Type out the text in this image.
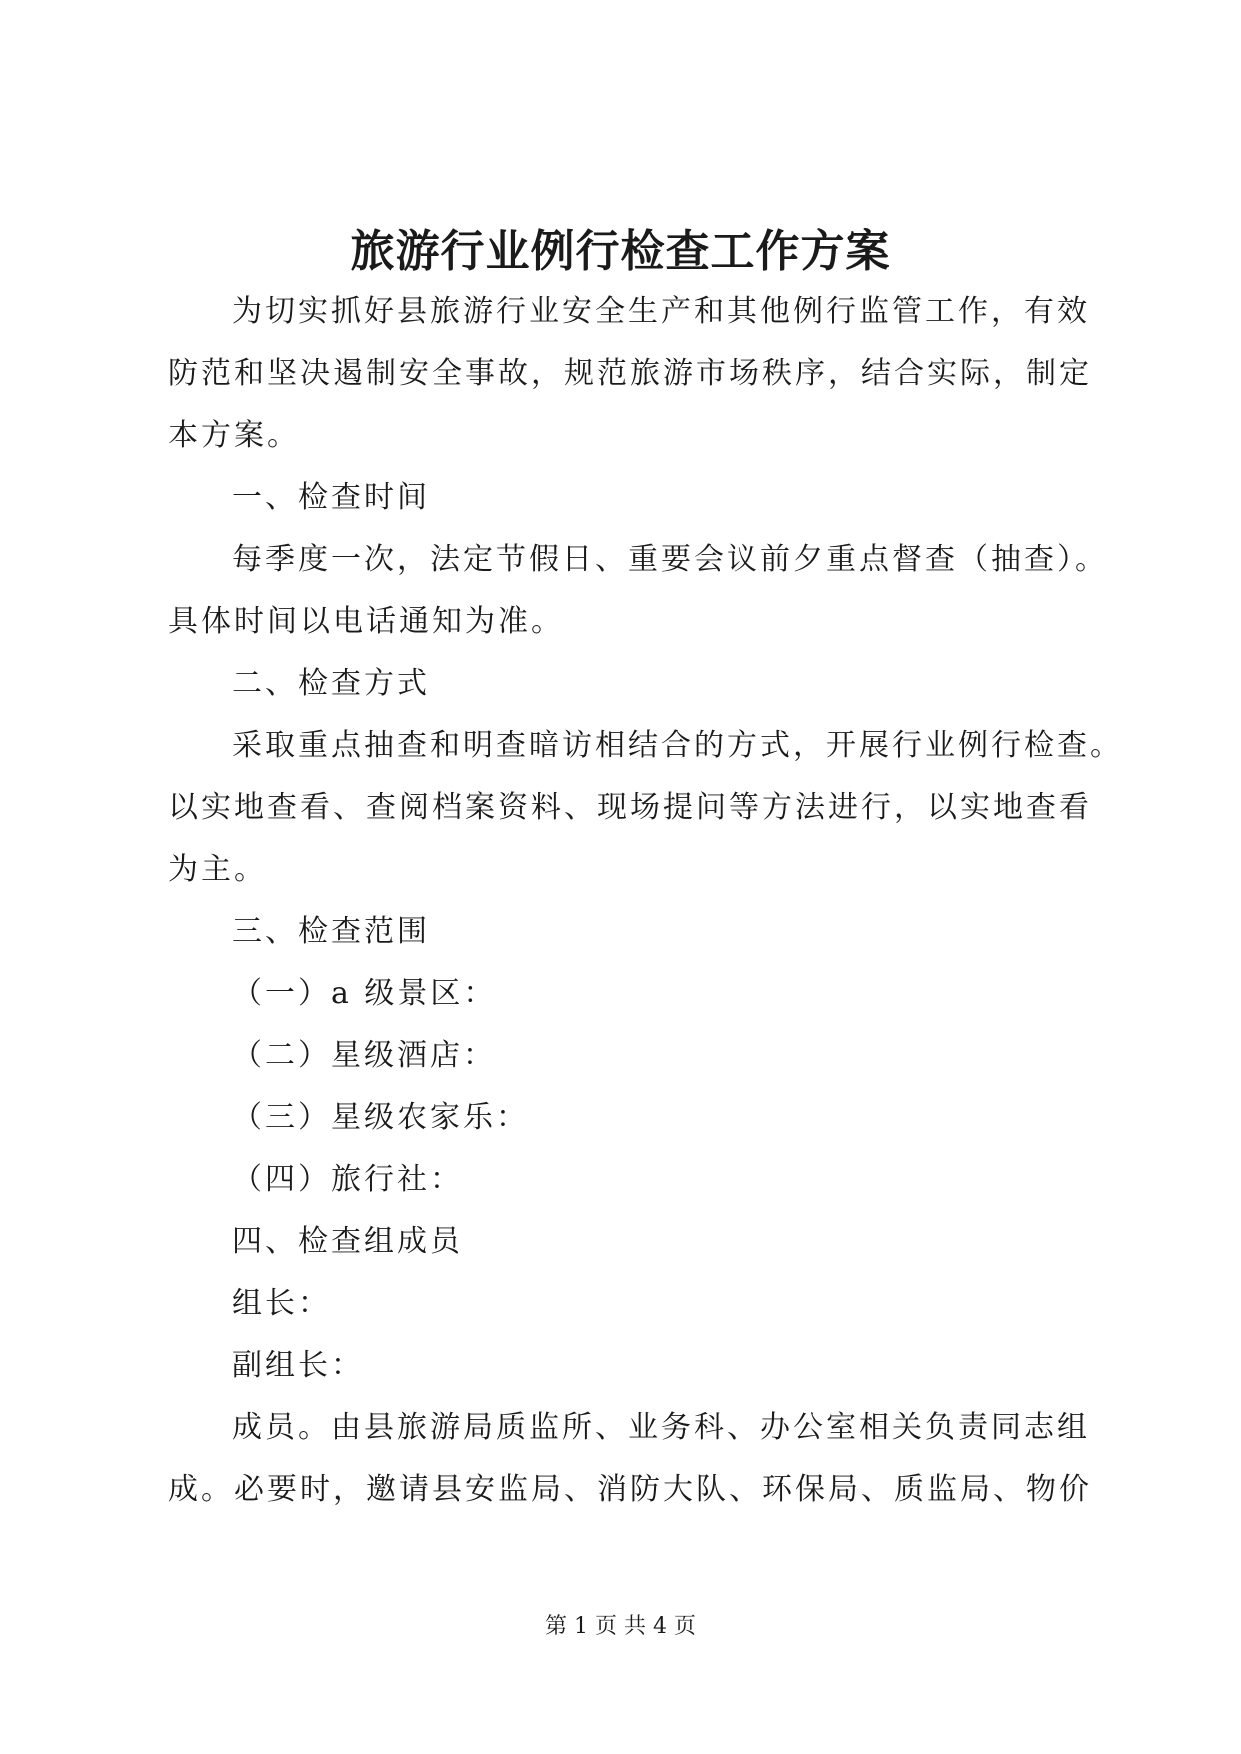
旅游行业例行检查工作方案
为切实抓好县旅游行业安全生产和其他例行监管工作，有效
防范和坚决遏制安全事故，规范旅游市场秩序，结合实际，制定
本方案。
一、检查时间
每季度一次，法定节假日、重要会议前夕重点督查（抽查）。
具体时间以电话通知为准。
二、检查方式
采取重点抽查和明查暗访相结合的方式，开展行业例行检查。
以实地查看、查阅档案资料、现场提问等方法进行，以实地查看
为主。
三、检查范围
（一）a 级景区：
（二）星级酒店：
（三）星级农家乐：
（四）旅行社：
四、检查组成员
组长：
副组长：
成员。由县旅游局质监所、业务科、办公室相关负责同志组
成。必要时，邀请县安监局、消防大队、环保局、质监局、物价
第 1 页 共 4 页
